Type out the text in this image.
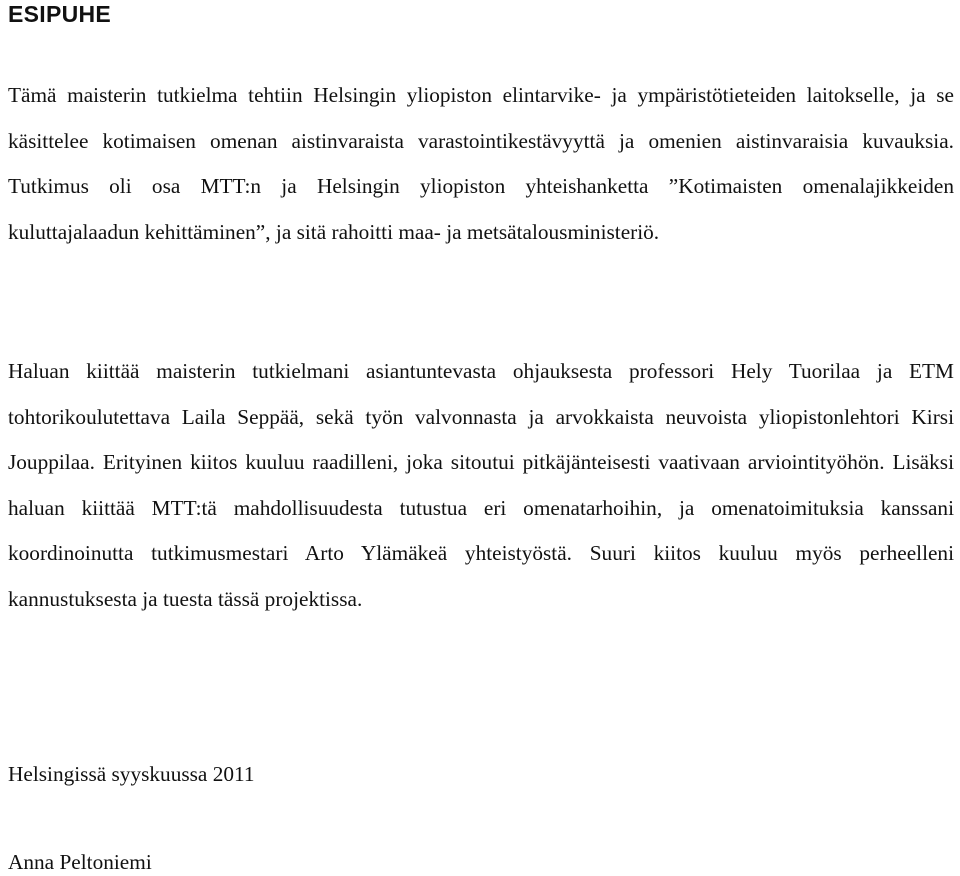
ESIPUHE

Tämä maisterin tutkielma tehtiin Helsingin yliopiston elintarvike- ja ympäristötieteiden laitokselle, ja se käsittelee kotimaisen omenan aistinvaraista varastointikestävyyttä ja omenien aistinvaraisia kuvauksia. Tutkimus oli osa MTT:n ja Helsingin yliopiston yhteishanketta ”Kotimaisten omenalajikkeiden kuluttajalaadun kehittäminen”, ja sitä rahoitti maa- ja metsätalousministeriö.

Haluan kiittää maisterin tutkielmani asiantuntevasta ohjauksesta professori Hely Tuorilaa ja ETM tohtorikoulutettava Laila Seppää, sekä työn valvonnasta ja arvokkaista neuvoista yliopistonlehtori Kirsi Jouppilaa. Erityinen kiitos kuuluu raadilleni, joka sitoutui pitkäjänteisesti vaativaan arviointityöhön. Lisäksi haluan kiittää MTT:tä mahdollisuudesta tutustua eri omenatarhoihin, ja omenatoimituksia kanssani koordinoinutta tutkimusmestari Arto Ylämäkeä yhteistyöstä. Suuri kiitos kuuluu myös perheelleni kannustuksesta ja tuesta tässä projektissa.

Helsingissä syyskuussa 2011
Anna Peltoniemi
